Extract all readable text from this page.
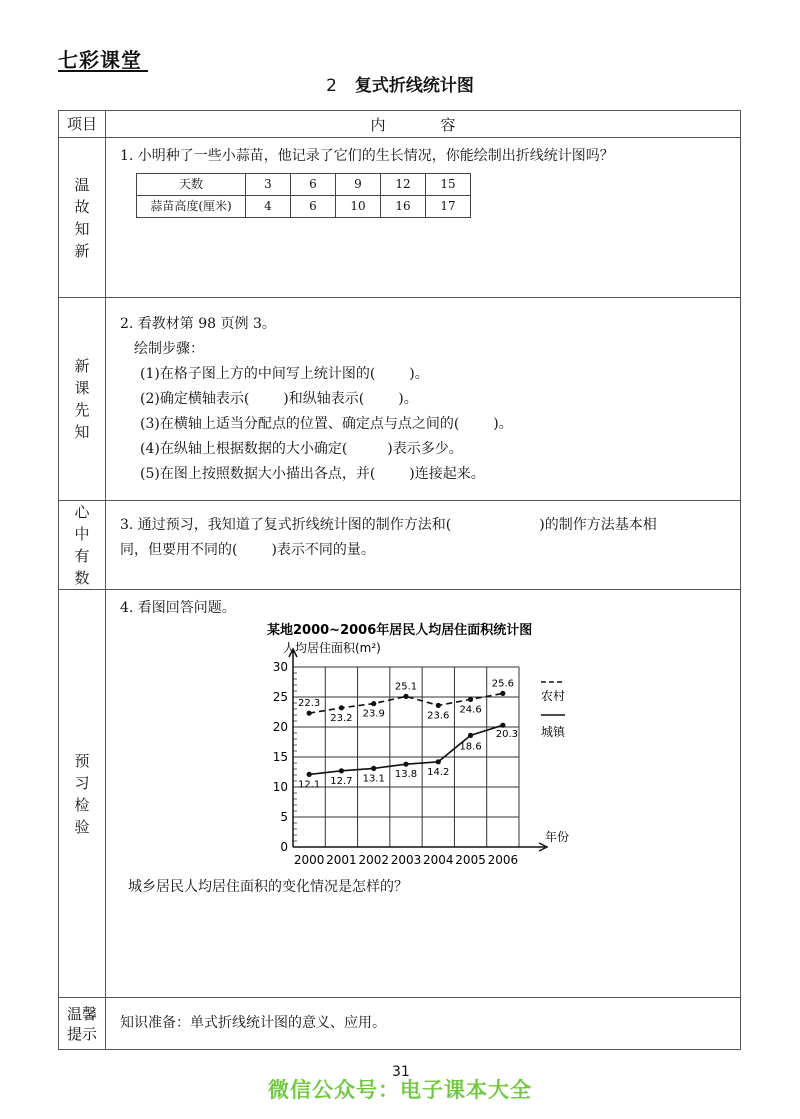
七彩课堂
2 复式折线统计图
项目	内　容

温
故
知
新

1. 小明种了一些小蒜苗，他记录了它们的生长情况，你能绘制出折线统计图吗？
天数	3	6	9	12	15
蒜苗高度(厘米)	4	6	10	16	17

新
课
先
知

2. 看教材第 98 页例 3。
绘制步骤：
(1)在格子图上方的中间写上统计图的( )。
(2)确定横轴表示( )和纵轴表示( )。
(3)在横轴上适当分配点的位置、确定点与点之间的( )。
(4)在纵轴上根据数据的大小确定(	)表示多少。
(5)在图上按照数据大小描出各点，并( )连接起来。

心
中
有
数

3. 通过预习，我知道了复式折线统计图的制作方法和(	)的制作方法基本相
同，但要用不同的( )表示不同的量。

预
习
检
验

4. 看图回答问题。
某地2000~2006年居民人均居住面积统计图
人均居住面积(m²)
0
5
10
15
20
25
30
年份
2000 2001 2002 2003 2004 2005 2006
22.3
23.2 23.9
25.1
23.6
24.6
25.6
12.1 12.7 13.1 13.8 14.2
18.6
20.3
农村
城镇
城乡居民人均居住面积的变化情况是怎样的？

温馨
提示

知识准备：单式折线统计图的意义、应用。
31
微信公众号：电子课本大全
